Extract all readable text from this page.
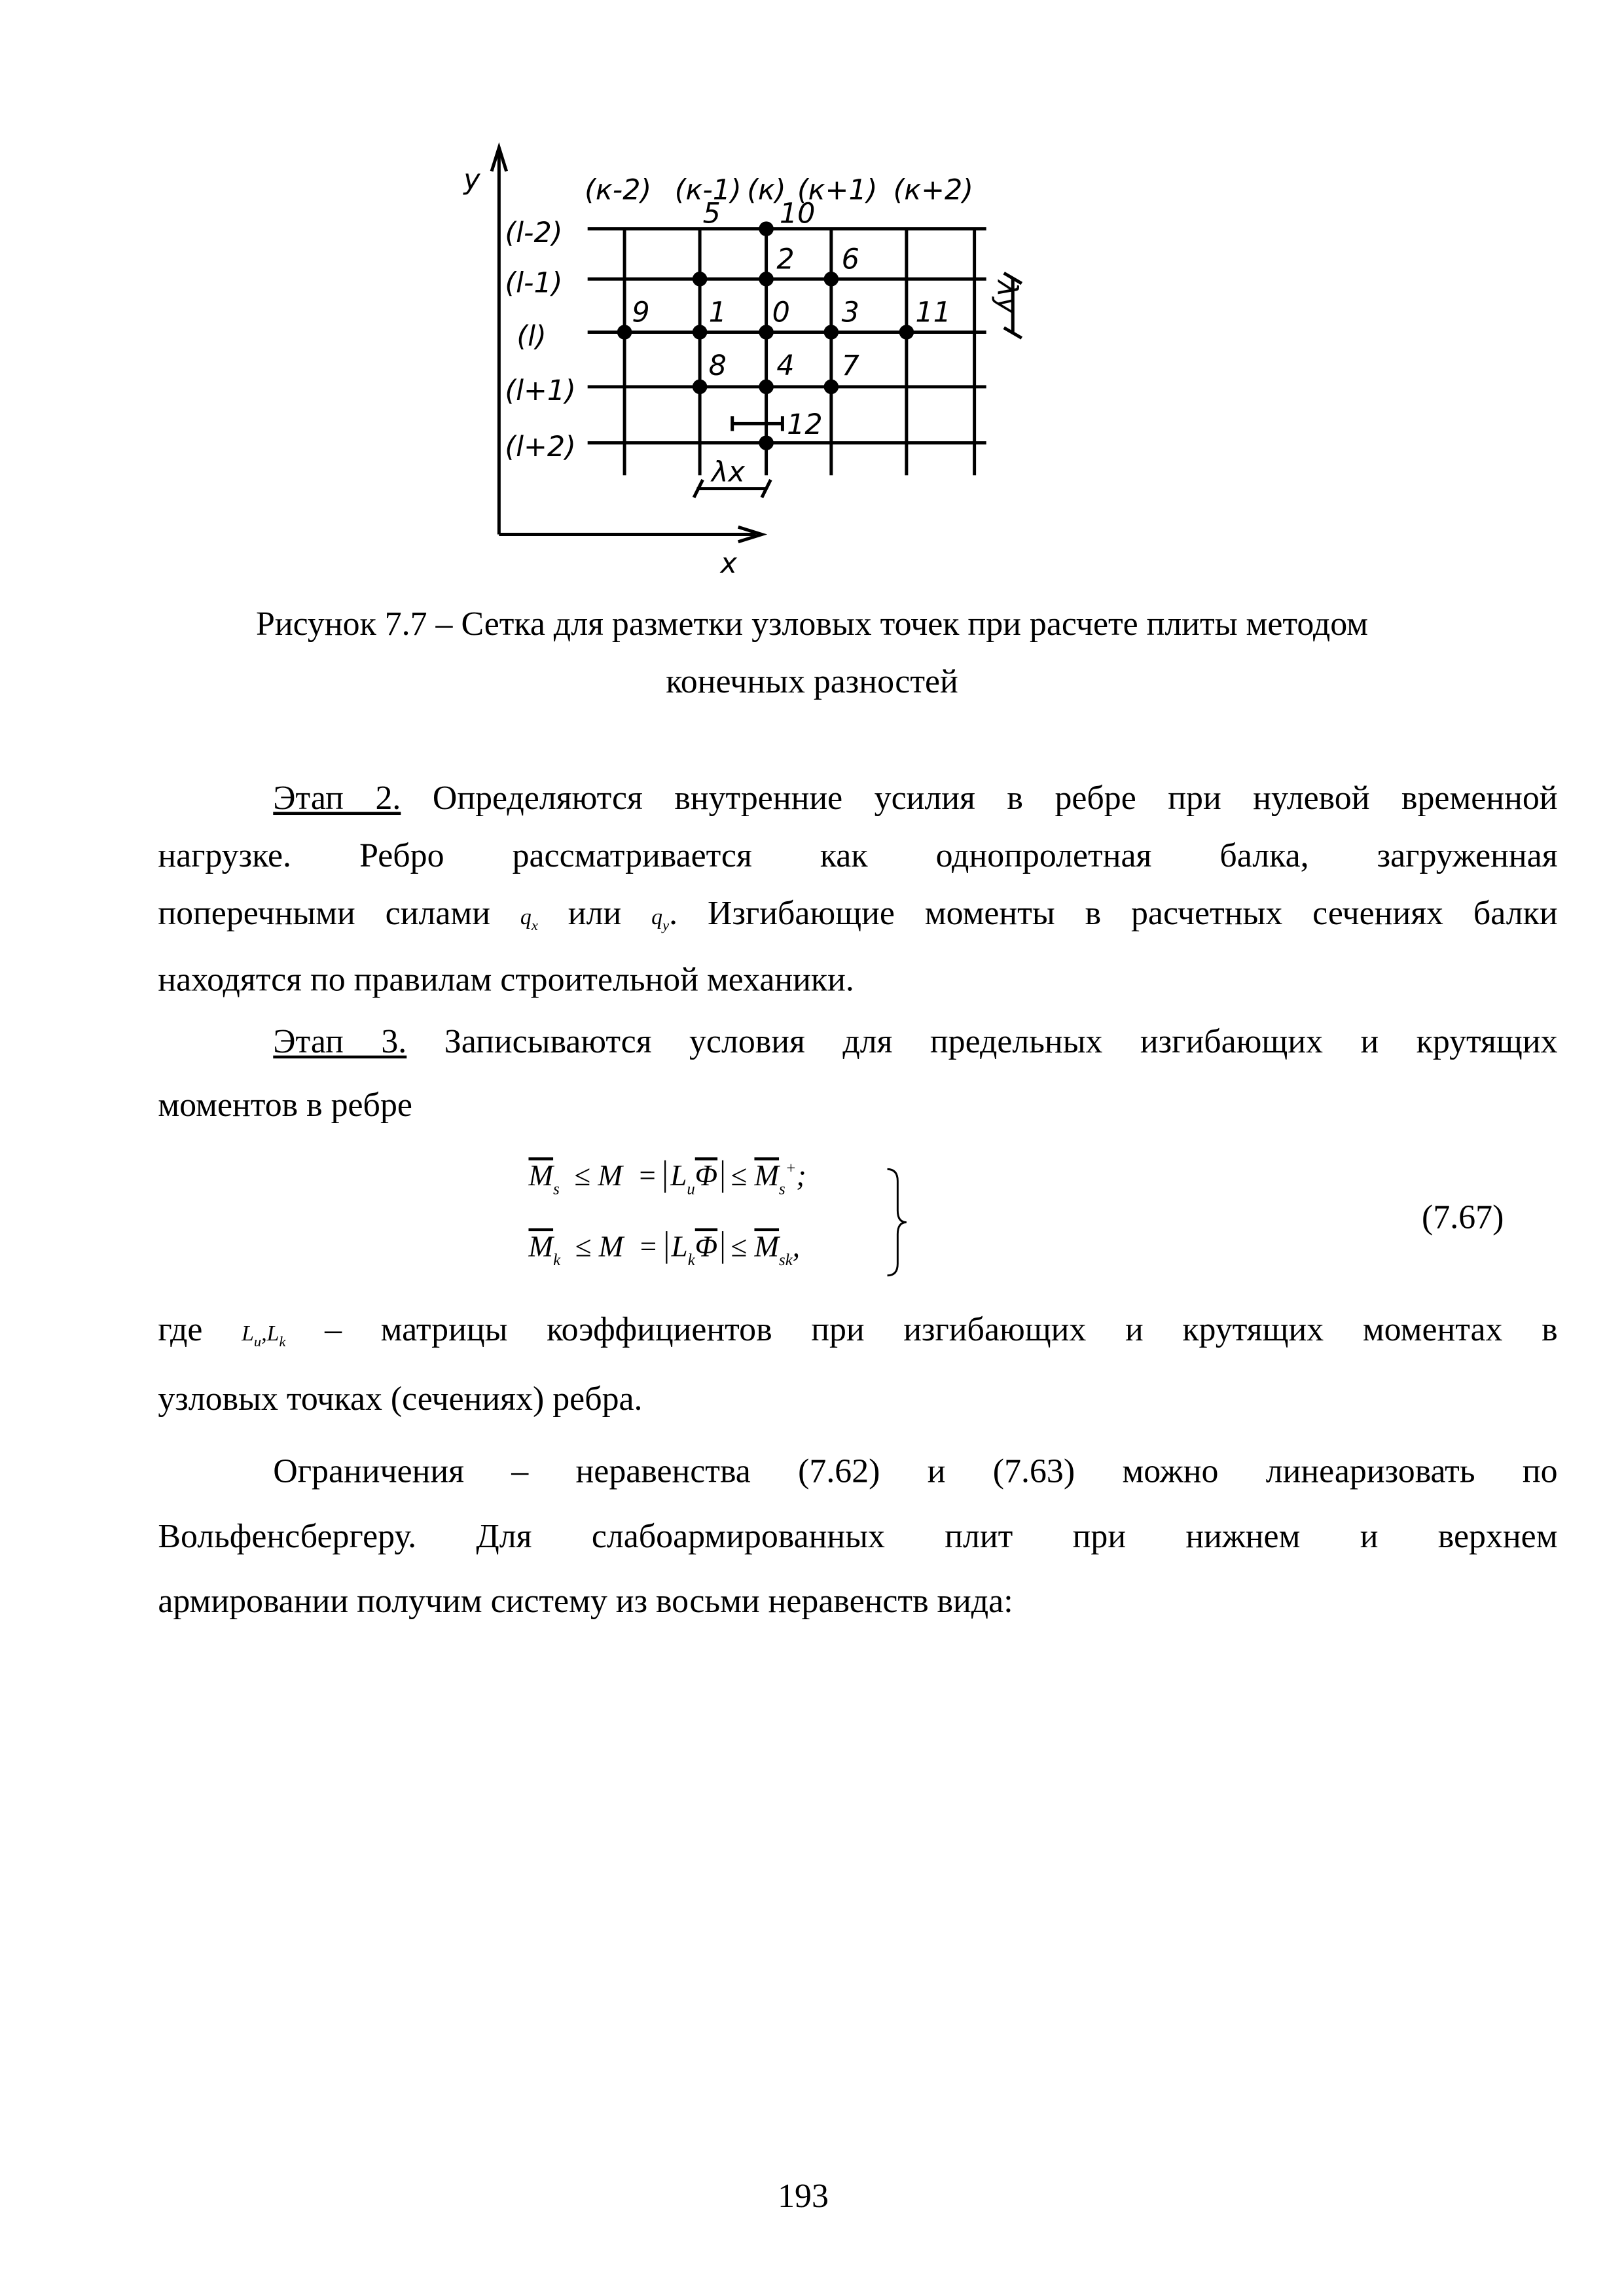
y
x
(к-2) (к-1) (к) (к+1) (к+2)
(l-2)
(l-1)
(l)
(l+1)
(l+2)
0
1
2
3
4
5
6
7
8
9
10
11
12
λx
λy
Рисунок 7.7 – Сетка для разметки узловых точек при расчете плиты методом
конечных разностей
Этап 2. Определяются внутренние усилия в ребре при нулевой временной
нагрузке. Ребро рассматривается как однопролетная балка, загруженная
поперечными силами	$q_x$ или	$q_y$. Изгибающие моменты в расчетных сечениях балки
находятся по правилам строительной механики.
Этап 3. Записываются условия для предельных изгибающих и крутящих
моментов в ребре
$\overline{M}_s \le M = L_u\overline{\Phi} \le \overline{M}_s^+$;
$\overline{M}_k \le M = L_k\overline{\Phi} \le \overline{M}_{sk}$,
(7.67)
где	$L_u,L_k$	– матрицы коэффициентов при изгибающих и крутящих моментах в
узловых точках (сечениях) ребра.
Ограничения – неравенства (7.62) и (7.63) можно линеаризовать по
Вольфенсбергеру. Для слабоармированных плит при нижнем и верхнем
армировании получим систему из восьми неравенств вида:
193
